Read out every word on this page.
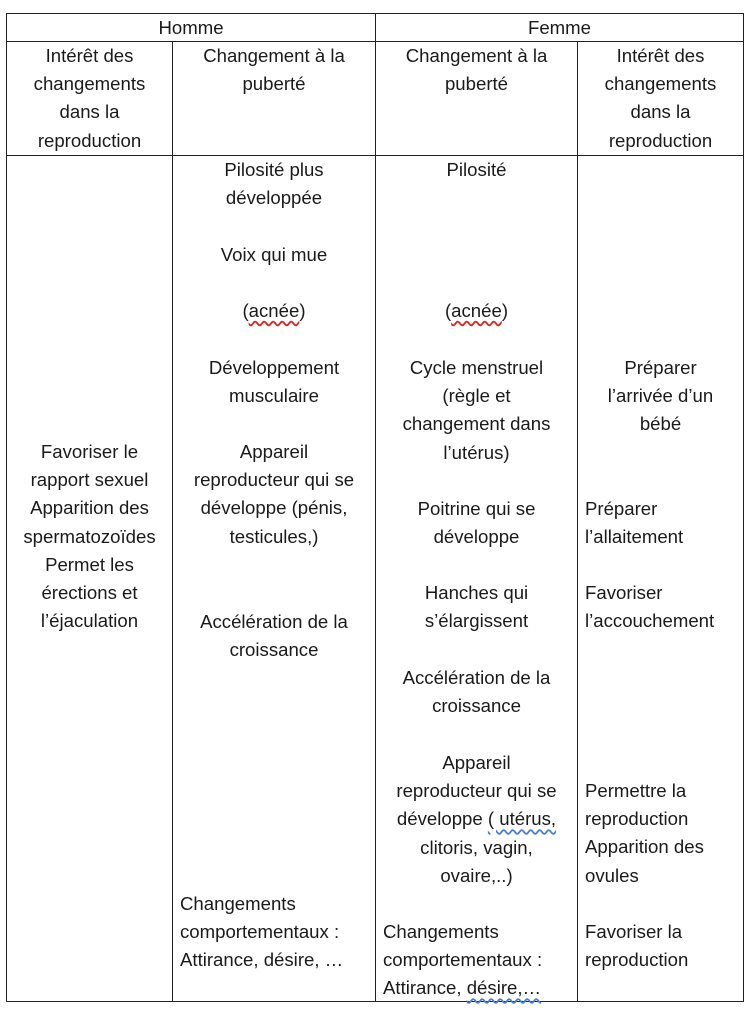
Homme	Femme
Intérêt des
changements
dans la
reproduction
Changement à la
puberté
Changement à la
puberté
Intérêt des
changements
dans la
reproduction
Favoriser le
rapport sexuel
Apparition des
spermatozoïdes
Permet les
érections et
l’éjaculation
Pilosité plus
développée
Voix qui mue
(acnée)
Développement
musculaire
Appareil
reproducteur qui se
développe (pénis,
testicules,)
Accélération de la
croissance
Changements
comportementaux :
Attirance, désire, …
Pilosité
(acnée)
Cycle menstruel
(règle et
changement dans
l’utérus)
Poitrine qui se
développe
Hanches qui
s’élargissent
Accélération de la
croissance
Appareil
reproducteur qui se
développe ( utérus,
clitoris, vagin,
ovaire,..)
Changements
comportementaux :
Attirance, désire,…
Préparer
l’arrivée d’un
bébé
Préparer
l’allaitement
Favoriser
l’accouchement
Permettre la
reproduction
Apparition des
ovules
Favoriser la
reproduction
